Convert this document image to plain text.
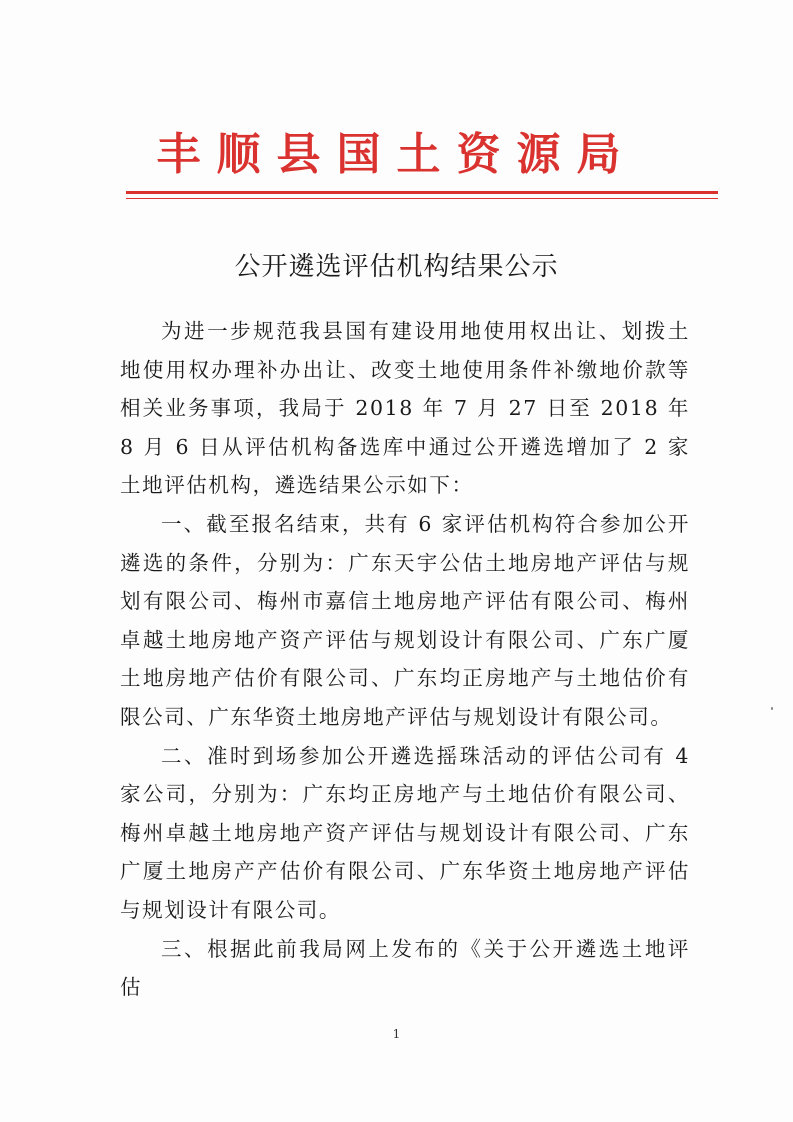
丰顺县国土资源局
公开遴选评估机构结果公示

为进一步规范我县国有建设用地使用权出让、划拨土地使用权办理补办出让、改变土地使用条件补缴地价款等相关业务事项，我局于 2018 年 7 月 27 日至 2018 年 8 月 6 日从评估机构备选库中通过公开遴选增加了 2 家土地评估机构，遴选结果公示如下：

一、截至报名结束，共有 6 家评估机构符合参加公开遴选的条件，分别为：广东天宇公估土地房地产评估与规划有限公司、梅州市嘉信土地房地产评估有限公司、梅州卓越土地房地产资产评估与规划设计有限公司、广东广厦土地房地产估价有限公司、广东均正房地产与土地估价有限公司、广东华资土地房地产评估与规划设计有限公司。

二、准时到场参加公开遴选摇珠活动的评估公司有 4 家公司，分别为：广东均正房地产与土地估价有限公司、梅州卓越土地房地产资产评估与规划设计有限公司、广东广厦土地房产产估价有限公司、广东华资土地房地产评估与规划设计有限公司。

三、根据此前我局网上发布的《关于公开遴选土地评估

1
